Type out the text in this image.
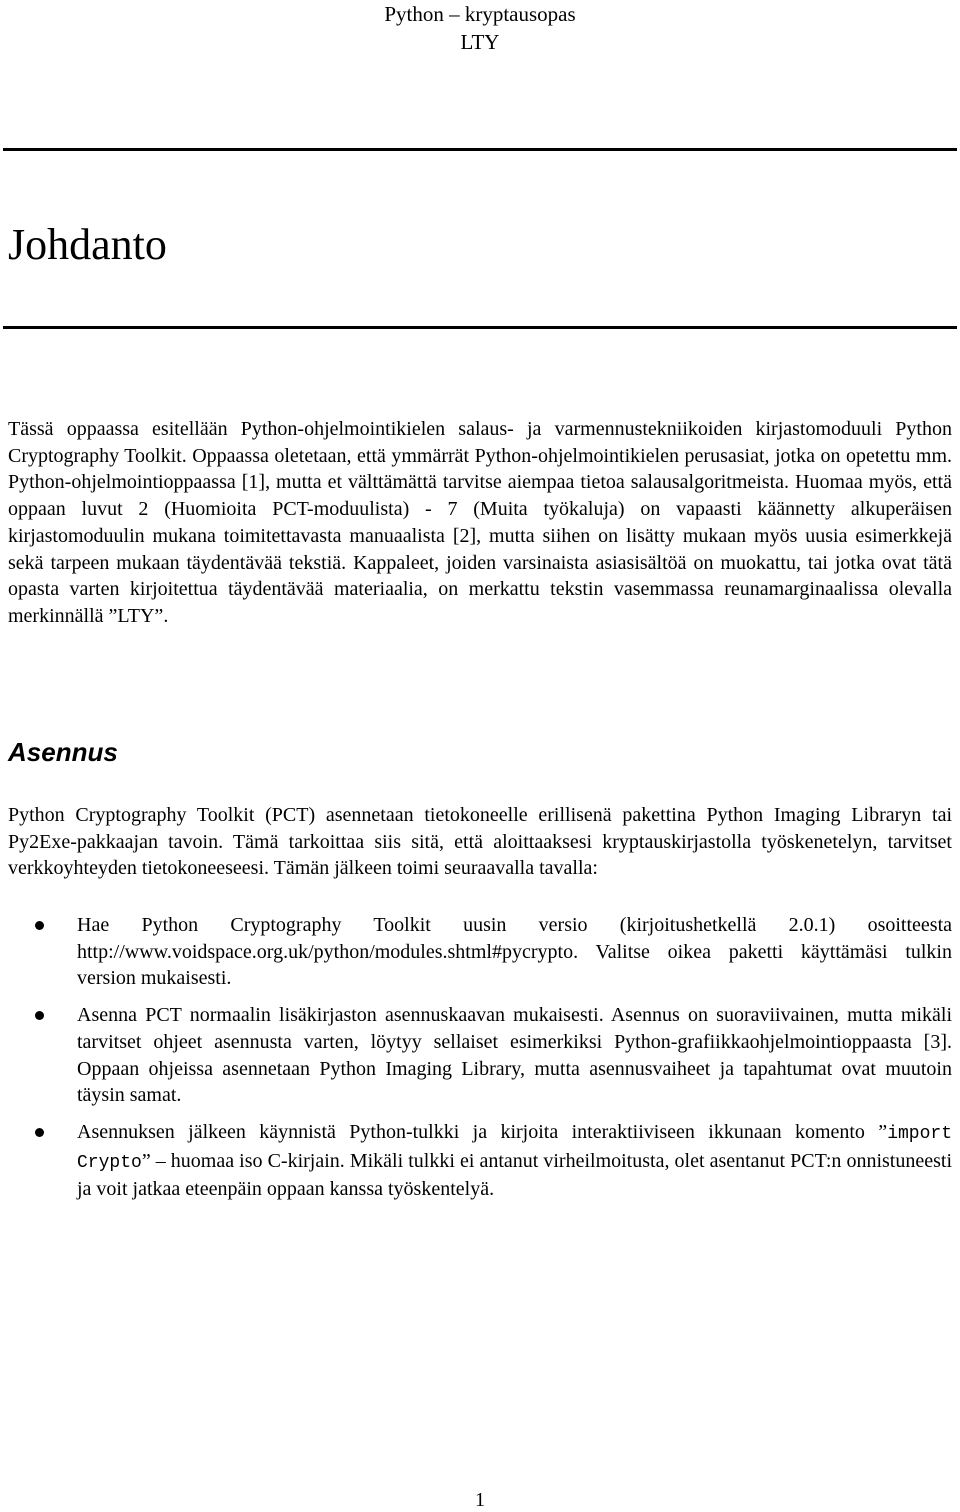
Python – kryptausopas
LTY
Johdanto

Tässä oppaassa esitellään Python-ohjelmointikielen salaus- ja varmennustekniikoiden kirjastomoduuli Python Cryptography Toolkit. Oppaassa oletetaan, että ymmärrät Python-ohjelmointikielen perusasiat, jotka on opetettu mm. Python-ohjelmointioppaassa [1], mutta et välttämättä tarvitse aiempaa tietoa salausalgoritmeista. Huomaa myös, että oppaan luvut 2 (Huomioita PCT-moduulista) - 7 (Muita työkaluja) on vapaasti käännetty alkuperäisen kirjastomoduulin mukana toimitettavasta manuaalista [2], mutta siihen on lisätty mukaan myös uusia esimerkkejä sekä tarpeen mukaan täydentävää tekstiä. Kappaleet, joiden varsinaista asiasisältöä on muokattu, tai jotka ovat tätä opasta varten kirjoitettua täydentävää materiaalia, on merkattu tekstin vasemmassa reunamarginaalissa olevalla merkinnällä ”LTY”.

Asennus

Python Cryptography Toolkit (PCT) asennetaan tietokoneelle erillisenä pakettina Python Imaging Libraryn tai Py2Exe-pakkaajan tavoin. Tämä tarkoittaa siis sitä, että aloittaaksesi kryptauskirjastolla työskenetelyn, tarvitset verkkoyhteyden tietokoneeseesi. Tämän jälkeen toimi seuraavalla tavalla:

Hae Python Cryptography Toolkit uusin versio (kirjoitushetkellä 2.0.1) osoitteesta http://www.voidspace.org.uk/python/modules.shtml#pycrypto. Valitse oikea paketti käyttämäsi tulkin version mukaisesti.
Asenna PCT normaalin lisäkirjaston asennuskaavan mukaisesti. Asennus on suoraviivainen, mutta mikäli tarvitset ohjeet asennusta varten, löytyy sellaiset esimerkiksi Python-grafiikkaohjelmointioppaasta [3]. Oppaan ohjeissa asennetaan Python Imaging Library, mutta asennusvaiheet ja tapahtumat ovat muutoin täysin samat.
Asennuksen jälkeen käynnistä Python-tulkki ja kirjoita interaktiiviseen ikkunaan komento ”import Crypto” – huomaa iso C-kirjain. Mikäli tulkki ei antanut virheilmoitusta, olet asentanut PCT:n onnistuneesti ja voit jatkaa eteenpäin oppaan kanssa työskentelyä.
1
